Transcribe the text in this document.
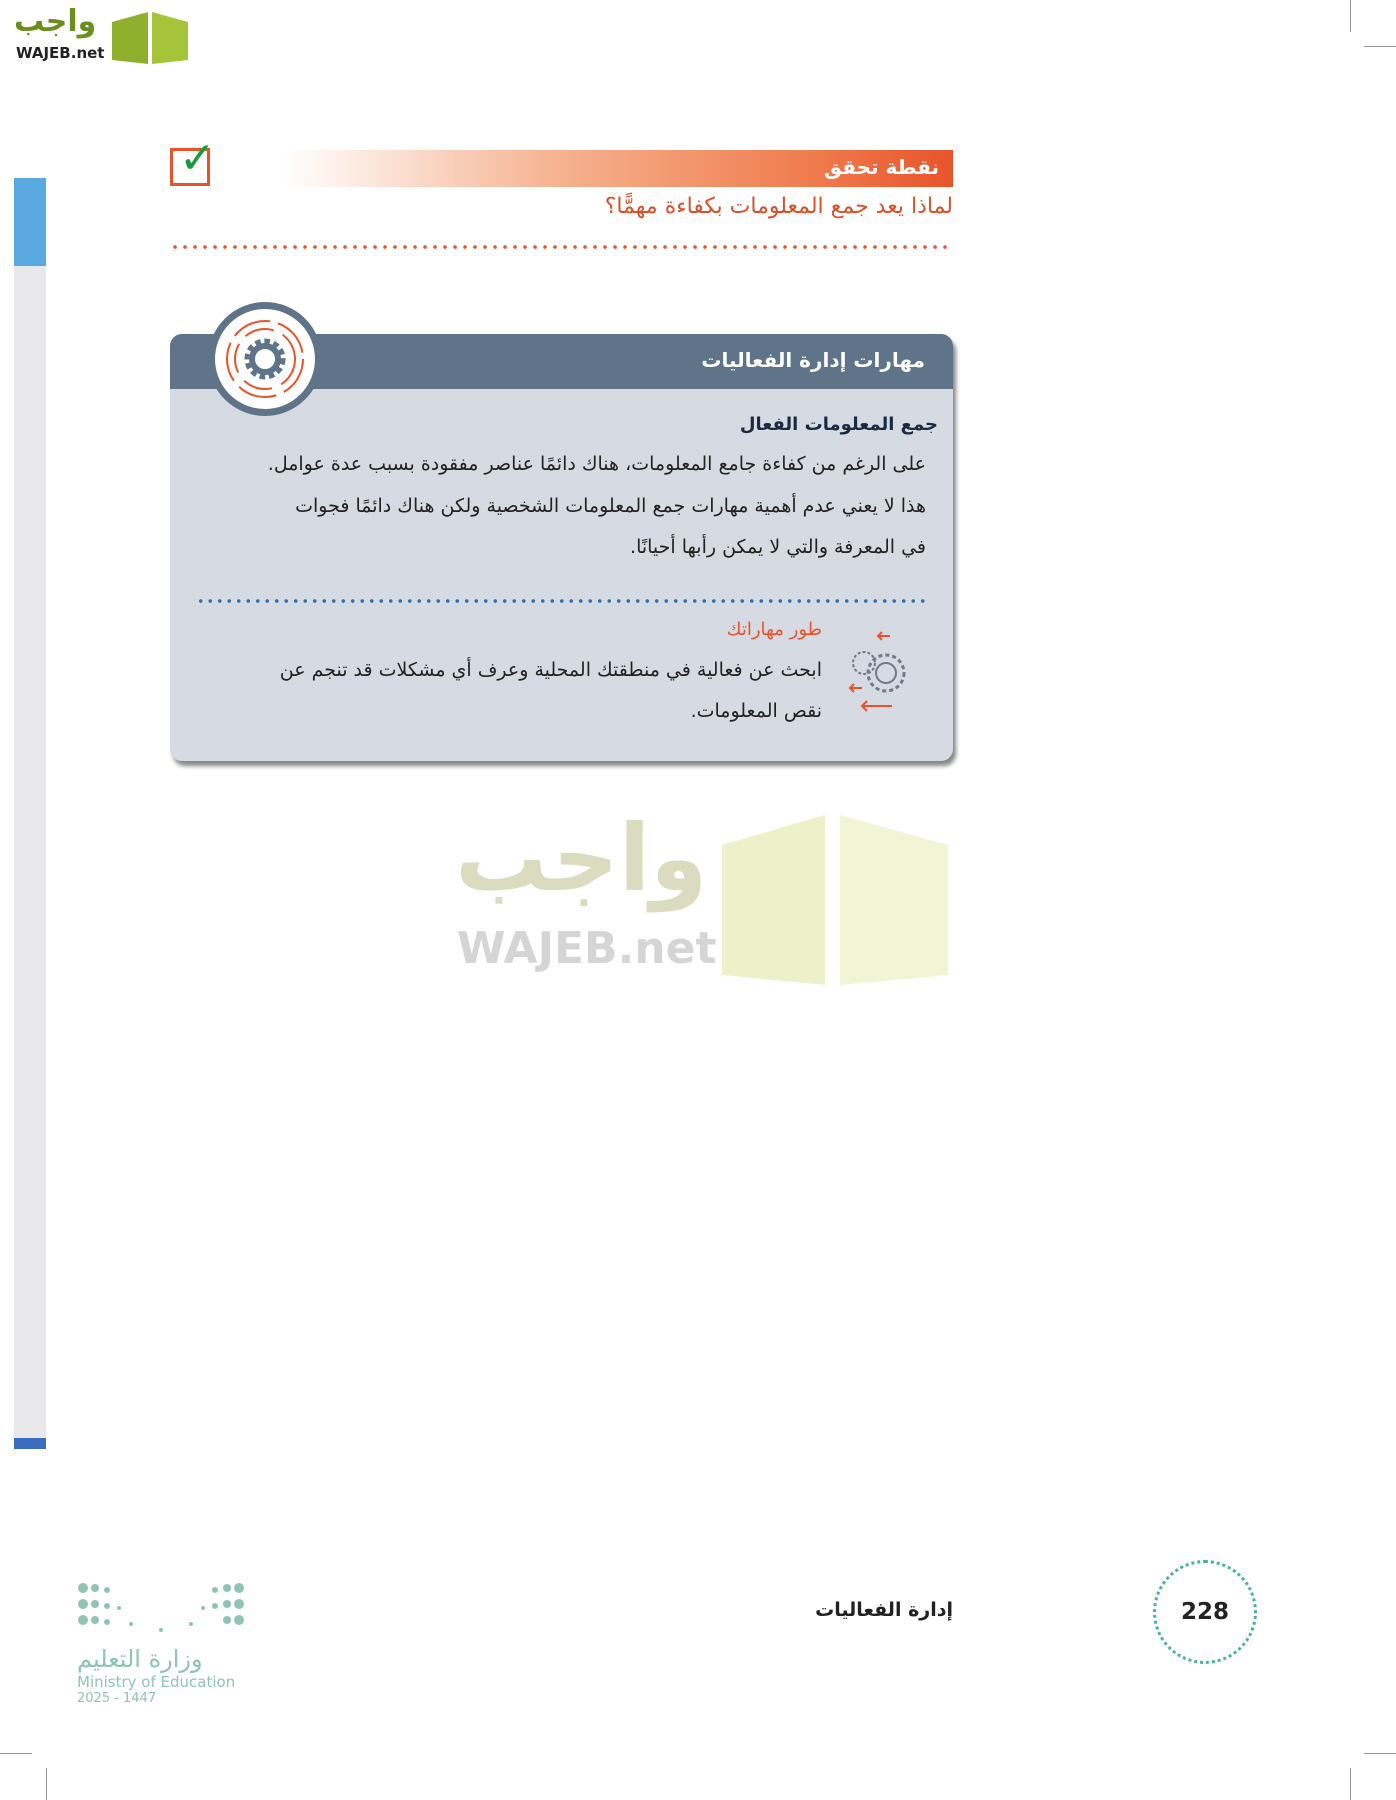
واجب
WAJEB.net
✓	نقطة تحقق
لماذا يعد جمع المعلومات بكفاءة مهمًّا؟
مهارات إدارة الفعاليات
جمع المعلومات الفعال
على الرغم من كفاءة جامع المعلومات، هناك دائمًا عناصر مفقودة بسبب عدة عوامل.
هذا لا يعني عدم أهمية مهارات جمع المعلومات الشخصية ولكن هناك دائمًا فجوات
في المعرفة والتي لا يمكن رأبها أحيانًا.
طور مهاراتك
ابحث عن فعالية في منطقتك المحلية وعرف أي مشكلات قد تنجم عن
نقص المعلومات.
واجب
WAJEB.net
إدارة الفعاليات	228
وزارة التعليم
Ministry of Education
2025 - 1447
